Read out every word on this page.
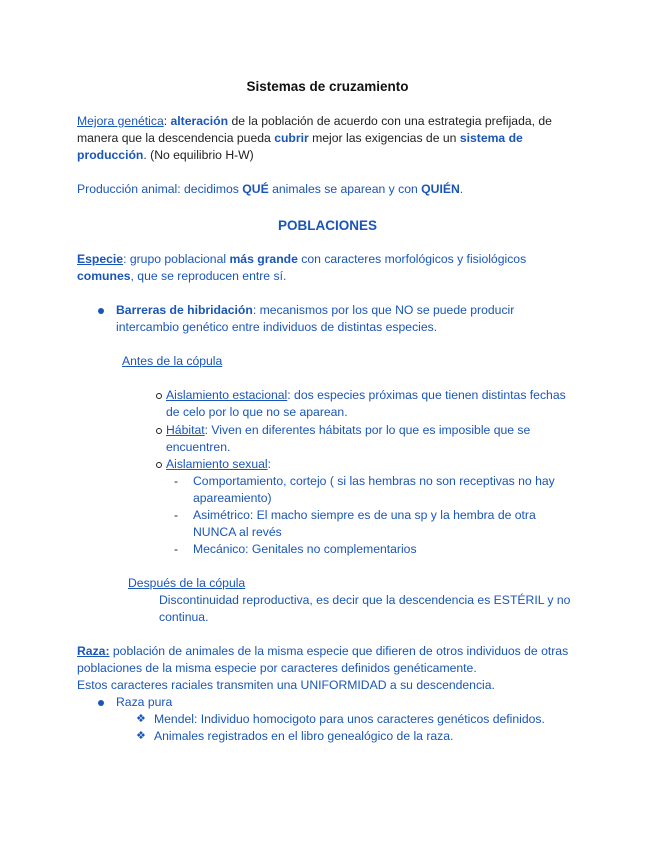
Sistemas de cruzamiento
Mejora genética: alteración de la población de acuerdo con una estrategia prefijada, de manera que la descendencia pueda cubrir mejor las exigencias de un sistema de producción. (No equilibrio H-W)
Producción animal: decidimos QUÉ animales se aparean y con QUIÉN.
POBLACIONES
Especie: grupo poblacional más grande con caracteres morfológicos y fisiológicos comunes, que se reproducen entre sí.
Barreras de hibridación: mecanismos por los que NO se puede producir intercambio genético entre individuos de distintas especies.
Antes de la cópula
Aislamiento estacional: dos especies próximas que tienen distintas fechas de celo por lo que no se aparean.
Hábitat: Viven en diferentes hábitats por lo que es imposible que se encuentren.
Aislamiento sexual:
- Comportamiento, cortejo ( si las hembras no son receptivas no hay apareamiento)
- Asimétrico: El macho siempre es de una sp y la hembra de otra NUNCA al revés
- Mecánico: Genitales no complementarios
Después de la cópula
Discontinuidad reproductiva, es decir que la descendencia es ESTÉRIL y no continua.
Raza: población de animales de la misma especie que difieren de otros individuos de otras poblaciones de la misma especie por caracteres definidos genéticamente.
Estos caracteres raciales transmiten una UNIFORMIDAD a su descendencia.
Raza pura
❖ Mendel: Individuo homocigoto para unos caracteres genéticos definidos.
❖ Animales registrados en el libro genealógico de la raza.
